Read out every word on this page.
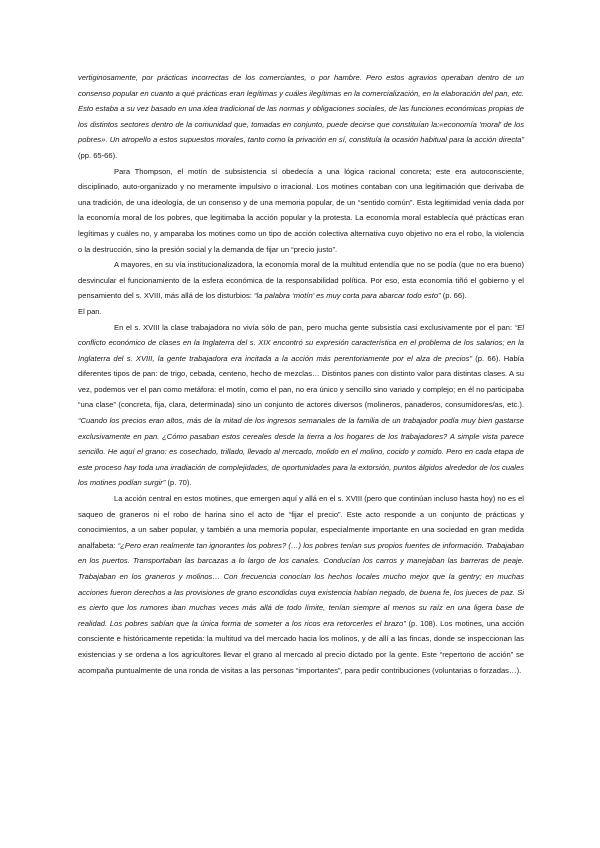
vertiginosamente, por prácticas incorrectas de los comerciantes, o por hambre. Pero estos agravios operaban dentro de un consenso popular en cuanto a qué prácticas eran legítimas y cuáles ilegítimas en la comercialización, en la elaboración del pan, etc. Esto estaba a su vez basado en una idea tradicional de las normas y obligaciones sociales, de las funciones económicas propias de los distintos sectores dentro de la comunidad que, tomadas en conjunto, puede decirse que constituían la:«economía 'moral' de los pobres». Un atropello a estos supuestos morales, tanto como la privación en sí, constituía la ocasión habitual para la acción directa” (pp. 65-66).

Para Thompson, el motín de subsistencia sí obedecía a una lógica racional concreta; este era autoconsciente, disciplinado, auto-organizado y no meramente impulsivo o irracional. Los motines contaban con una legitimación que derivaba de una tradición, de una ideología, de un consenso y de una memoria popular, de un “sentido común”. Esta legitimidad venía dada por la economía moral de los pobres, que legitimaba la acción popular y la protesta. La economía moral establecía qué prácticas eran legítimas y cuáles no, y amparaba los motines como un tipo de acción colectiva alternativa cuyo objetivo no era el robo, la violencia o la destrucción, sino la presión social y la demanda de fijar un “precio justo”.

A mayores, en su vía institucionalizadora, la economía moral de la multitud entendía que no se podía (que no era bueno) desvincular el funcionamiento de la esfera económica de la responsabilidad política. Por eso, esta economía tiñó el gobierno y el pensamiento del s. XVIII, más allá de los disturbios: “la palabra ‘motín’ es muy corta para abarcar todo esto” (p. 66).

El pan.

En el s. XVIII la clase trabajadora no vivía sólo de pan, pero mucha gente subsistía casi exclusivamente por el pan: “El conflicto económico de clases en la Inglaterra del s. XIX encontró su expresión característica en el problema de los salarios; en la Inglaterra del s. XVIII, la gente trabajadora era incitada a la acción más perentoriamente por el alza de precios” (p. 66). Había diferentes tipos de pan: de trigo, cebada, centeno, hecho de mezclas… Distintos panes con distinto valor para distintas clases. A su vez, podemos ver el pan como metáfora: el motín, como el pan, no era único y sencillo sino variado y complejo; en él no participaba “una clase” (concreta, fija, clara, determinada) sino un conjunto de actores diversos (molineros, panaderos, consumidores/as, etc.). “Cuando los precios eran altos, más de la mitad de los ingresos semanales de la familia de un trabajador podía muy bien gastarse exclusivamente en pan. ¿Cómo pasaban estos cereales desde la tierra a los hogares de los trabajadores? A simple vista parece sencillo. He aquí el grano: es cosechado, trillado, llevado al mercado, molido en el molino, cocido y comido. Pero en cada etapa de este proceso hay toda una irradiación de complejidades, de oportunidades para la extorsión, puntos álgidos alrededor de los cuales los motines podían surgir” (p. 70).

La acción central en estos motines, que emergen aquí y allá en el s. XVIII (pero que continúan incluso hasta hoy) no es el saqueo de graneros ni el robo de harina sino el acto de “fijar el precio”. Este acto responde a un conjunto de prácticas y conocimientos, a un saber popular, y también a una memoria popular, especialmente importante en una sociedad en gran medida analfabeta: “¿Pero eran realmente tan ignorantes los pobres? (…) los pobres tenían sus propios fuentes de información. Trabajaban en los puertos. Transportaban las barcazas a lo largo de los canales. Conducían los carros y manejaban las barreras de peaje. Trabajaban en los graneros y molinos… Con frecuencia conocían los hechos locales mucho mejor que la gentry; en muchas acciones fueron derechos a las provisiones de grano escondidas cuya existencia habían negado, de buena fe, los jueces de paz. Si es cierto que los rumores iban muchas veces más allá de todo límite, tenían siempre al menos su raíz en una ligera base de realidad. Los pobres sabían que la única forma de someter a los ricos era retorcerles el brazo” (p. 108). Los motines, una acción consciente e históricamente repetida: la multitud va del mercado hacia los molinos, y de allí a las fincas, donde se inspeccionan las existencias y se ordena a los agricultores llevar el grano al mercado al precio dictado por la gente. Este “repertorio de acción” se acompaña puntualmente de una ronda de visitas a las personas “importantes”, para pedir contribuciones (voluntarias o forzadas…).
